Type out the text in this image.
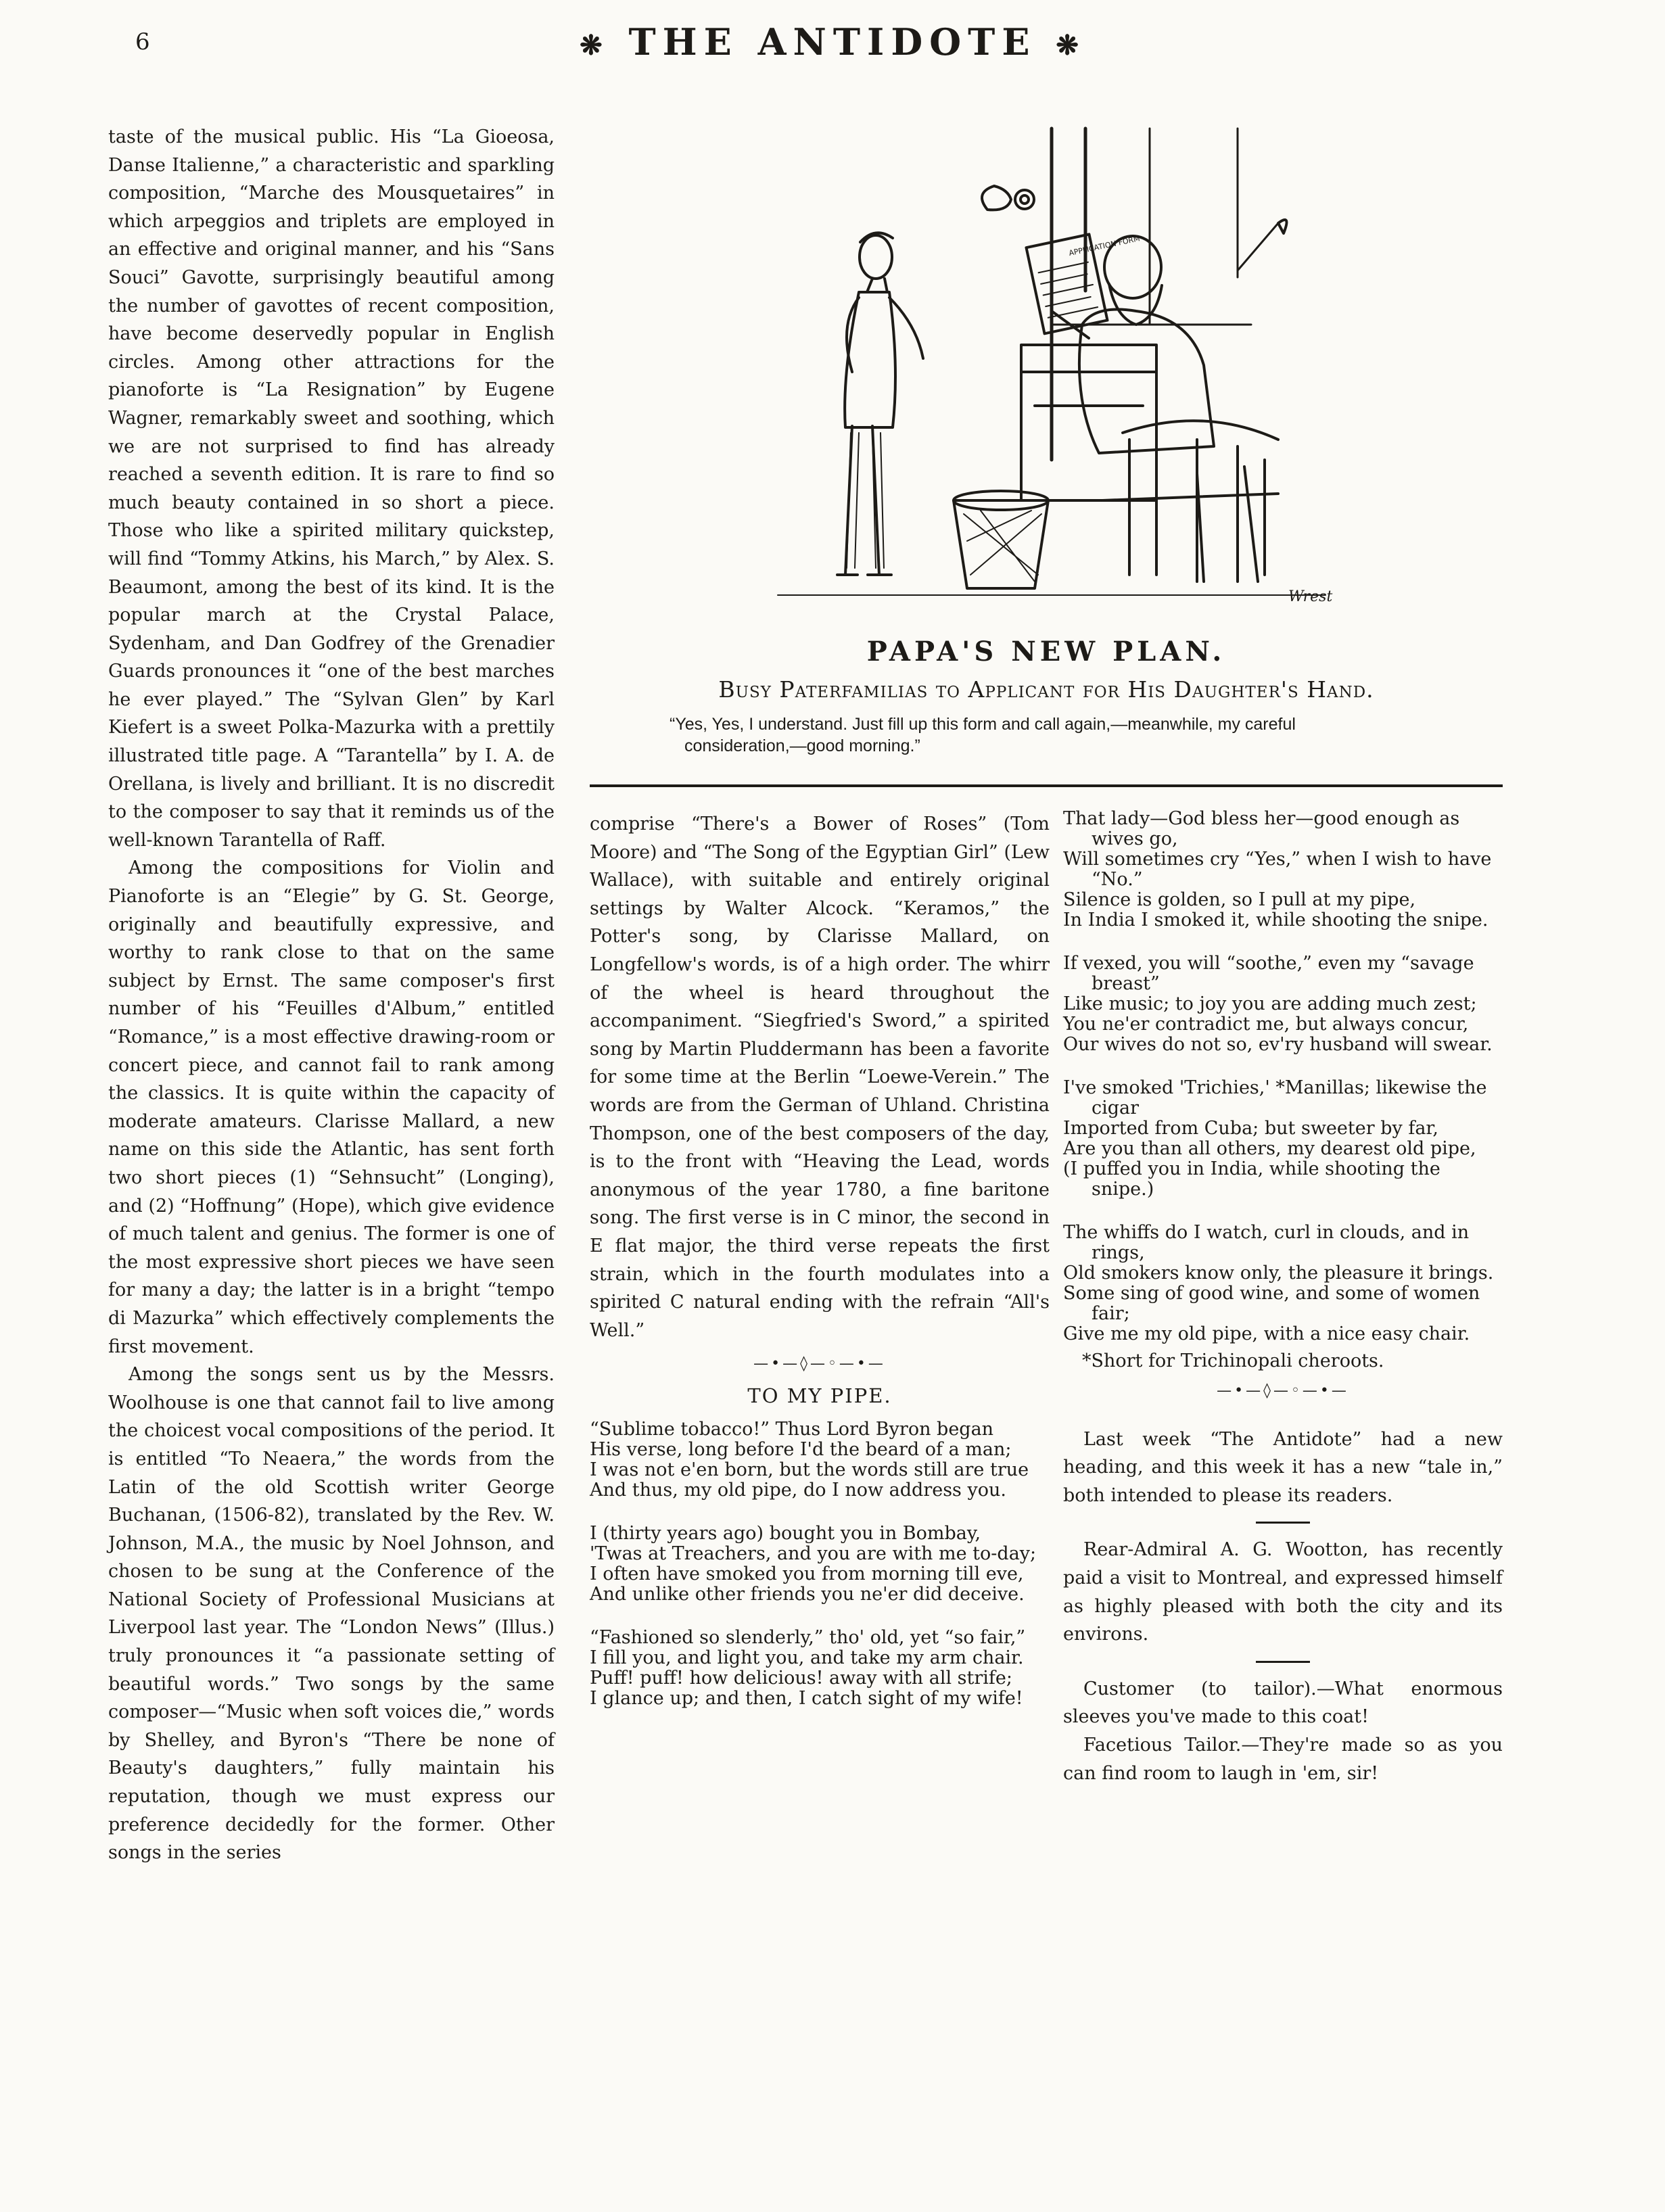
6	❋ THE ANTIDOTE ❋

taste of the musical public. His “La Gioeosa, Danse Italienne,” a characteristic and sparkling composition, “Marche des Mousquetaires” in which arpeggios and triplets are employed in an effective and original manner, and his “Sans Souci” Gavotte, surprisingly beautiful among the number of gavottes of recent composition, have become deservedly popular in English circles. Among other attractions for the pianoforte is “La Resignation” by Eugene Wagner, remarkably sweet and soothing, which we are not surprised to find has already reached a seventh edition. It is rare to find so much beauty contained in so short a piece. Those who like a spirited military quickstep, will find “Tommy Atkins, his March,” by Alex. S. Beaumont, among the best of its kind. It is the popular march at the Crystal Palace, Sydenham, and Dan Godfrey of the Grenadier Guards pronounces it “one of the best marches he ever played.” The “Sylvan Glen” by Karl Kiefert is a sweet Polka-Mazurka with a prettily illustrated title page. A “Tarantella” by I. A. de Orellana, is lively and brilliant. It is no discredit to the composer to say that it reminds us of the well-known Tarantella of Raff.

Among the compositions for Violin and Pianoforte is an “Elegie” by G. St. George, originally and beautifully expressive, and worthy to rank close to that on the same subject by Ernst. The same composer's first number of his “Feuilles d'Album,” entitled “Romance,” is a most effective drawing-room or concert piece, and cannot fail to rank among the classics. It is quite within the capacity of moderate amateurs. Clarisse Mallard, a new name on this side the Atlantic, has sent forth two short pieces (1) “Sehnsucht” (Longing), and (2) “Hoffnung” (Hope), which give evidence of much talent and genius. The former is one of the most expressive short pieces we have seen for many a day; the latter is in a bright “tempo di Mazurka” which effectively complements the first movement.

Among the songs sent us by the Messrs. Woolhouse is one that cannot fail to live among the choicest vocal compositions of the period. It is entitled “To Neaera,” the words from the Latin of the old Scottish writer George Buchanan, (1506-82), translated by the Rev. W. Johnson, M.A., the music by Noel Johnson, and chosen to be sung at the Conference of the National Society of Professional Musicians at Liverpool last year. The “London News” (Illus.) truly pronounces it “a passionate setting of beautiful words.” Two songs by the same composer—“Music when soft voices die,” words by Shelley, and Byron's “There be none of Beauty's daughters,” fully maintain his reputation, though we must express our preference decidedly for the former. Other songs in the series

APPLICATION FORM
Wrest
PAPA'S NEW PLAN.
Busy Paterfamilias to Applicant for His Daughter's Hand.
“Yes, Yes, I understand. Just fill up this form and call again,—meanwhile, my careful
consideration,—good morning.”

comprise “There's a Bower of Roses” (Tom Moore) and “The Song of the Egyptian Girl” (Lew Wallace), with suitable and entirely original settings by Walter Alcock. “Keramos,” the Potter's song, by Clarisse Mallard, on Longfellow's words, is of a high order. The whirr of the wheel is heard throughout the accompaniment. “Siegfried's Sword,” a spirited song by Martin Pluddermann has been a favorite for some time at the Berlin “Loewe-Verein.” The words are from the German of Uhland. Christina Thompson, one of the best composers of the day, is to the front with “Heaving the Lead, words anonymous of the year 1780, a fine baritone song. The first verse is in C minor, the second in E flat major, the third verse repeats the first strain, which in the fourth modulates into a spirited C natural ending with the refrain “All's Well.”

—•—◊—◦—•—
TO MY PIPE.
“Sublime tobacco!” Thus Lord Byron began
His verse, long before I'd the beard of a man;
I was not e'en born, but the words still are true
And thus, my old pipe, do I now address you.
I (thirty years ago) bought you in Bombay,
'Twas at Treachers, and you are with me to-day;
I often have smoked you from morning till eve,
And unlike other friends you ne'er did deceive.
“Fashioned so slenderly,” tho' old, yet “so fair,”
I fill you, and light you, and take my arm chair.
Puff! puff! how delicious! away with all strife;
I glance up; and then, I catch sight of my wife!
That lady—God bless her—good enough as wives go,
Will sometimes cry “Yes,” when I wish to have “No.”
Silence is golden, so I pull at my pipe,
In India I smoked it, while shooting the snipe.
If vexed, you will “soothe,” even my “savage breast”
Like music; to joy you are adding much zest;
You ne'er contradict me, but always concur,
Our wives do not so, ev'ry husband will swear.
I've smoked 'Trichies,' *Manillas; likewise the cigar
Imported from Cuba; but sweeter by far,
Are you than all others, my dearest old pipe,
(I puffed you in India, while shooting the snipe.)
The whiffs do I watch, curl in clouds, and in rings,
Old smokers know only, the pleasure it brings.
Some sing of good wine, and some of women fair;
Give me my old pipe, with a nice easy chair.
*Short for Trichinopali cheroots.
—•—◊—◦—•—

Last week “The Antidote” had a new heading, and this week it has a new “tale in,” both intended to please its readers.

Rear-Admiral A. G. Wootton, has recently paid a visit to Montreal, and expressed himself as highly pleased with both the city and its environs.

Customer (to tailor).—What enormous sleeves you've made to this coat!

Facetious Tailor.—They're made so as you can find room to laugh in 'em, sir!
